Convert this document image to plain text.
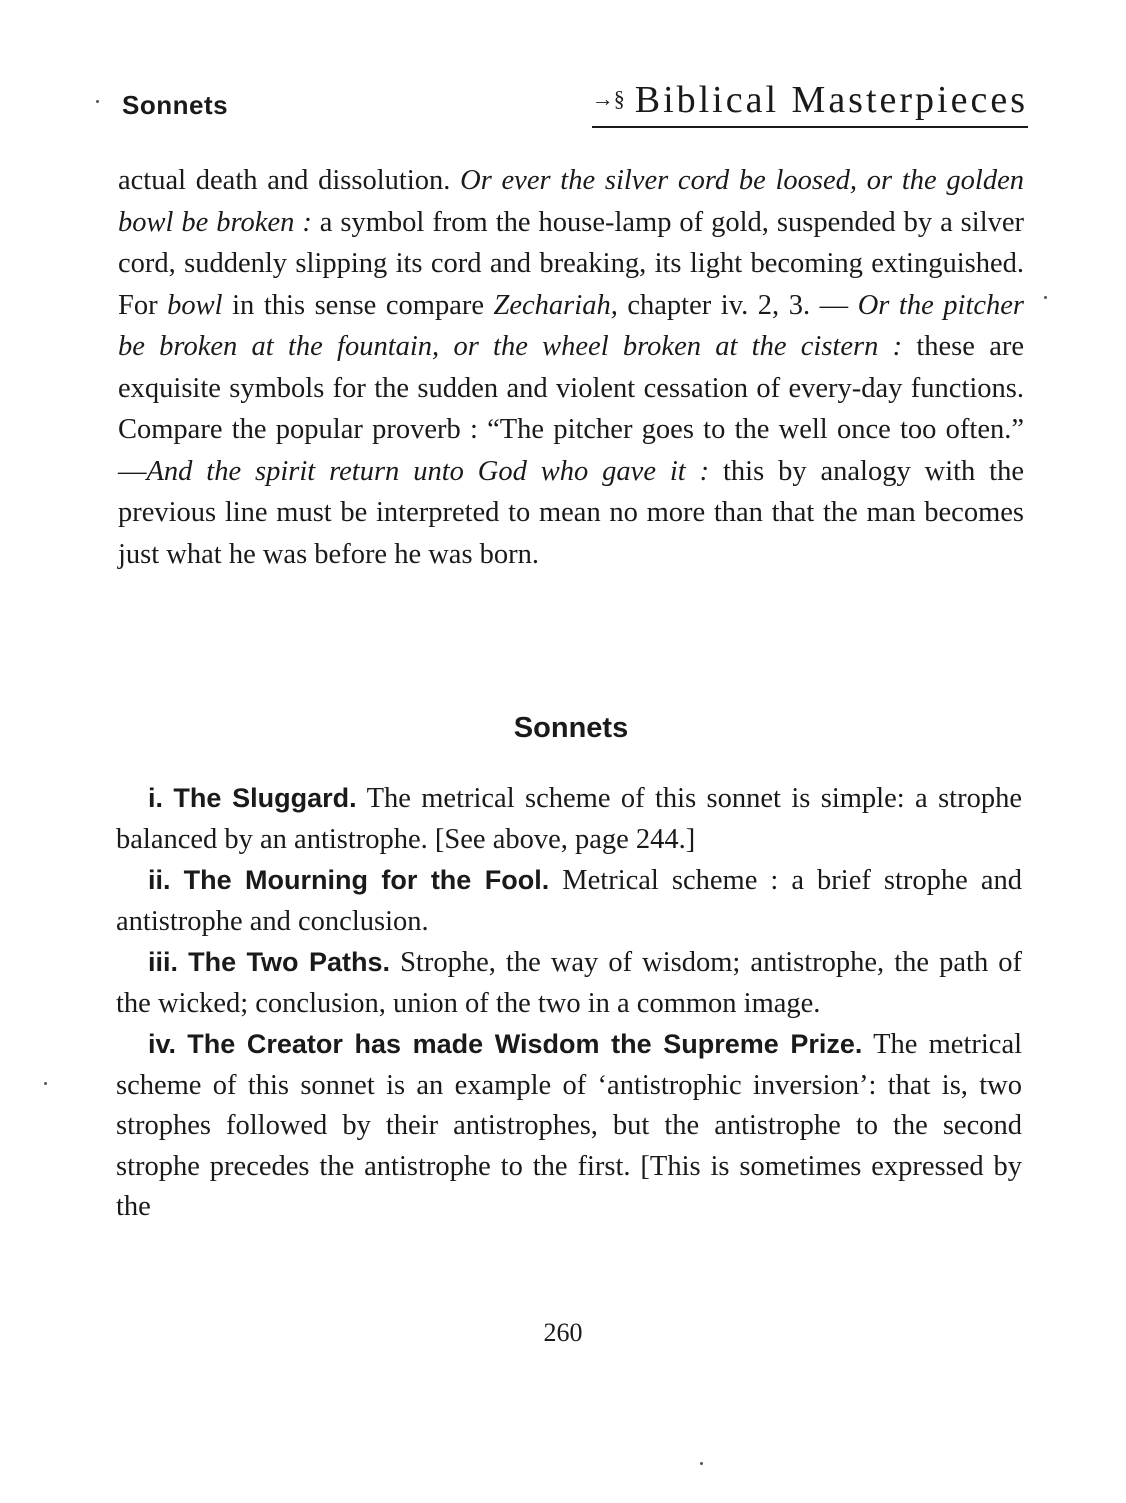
Sonnets	→§ Biblical Masterpieces

actual death and dissolution. Or ever the silver cord be loosed, or the golden bowl be broken : a symbol from the house-lamp of gold, suspended by a silver cord, suddenly slipping its cord and breaking, its light becoming extinguished. For bowl in this sense compare Zechariah, chapter iv. 2, 3. — Or the pitcher be broken at the fountain, or the wheel broken at the cistern : these are exquisite symbols for the sudden and violent cessation of every-day functions. Compare the popular proverb : “The pitcher goes to the well once too often.” —And the spirit return unto God who gave it : this by analogy with the previous line must be interpreted to mean no more than that the man becomes just what he was before he was born.

Sonnets

i. The Sluggard. The metrical scheme of this sonnet is simple: a strophe balanced by an antistrophe. [See above, page 244.]

ii. The Mourning for the Fool. Metrical scheme : a brief strophe and antistrophe and conclusion.

iii. The Two Paths. Strophe, the way of wisdom; antistrophe, the path of the wicked; conclusion, union of the two in a common image.

iv. The Creator has made Wisdom the Supreme Prize. The metrical scheme of this sonnet is an example of ‘antistrophic inversion’: that is, two strophes followed by their antistrophes, but the antistrophe to the second strophe precedes the antistrophe to the first. [This is sometimes expressed by the

260
